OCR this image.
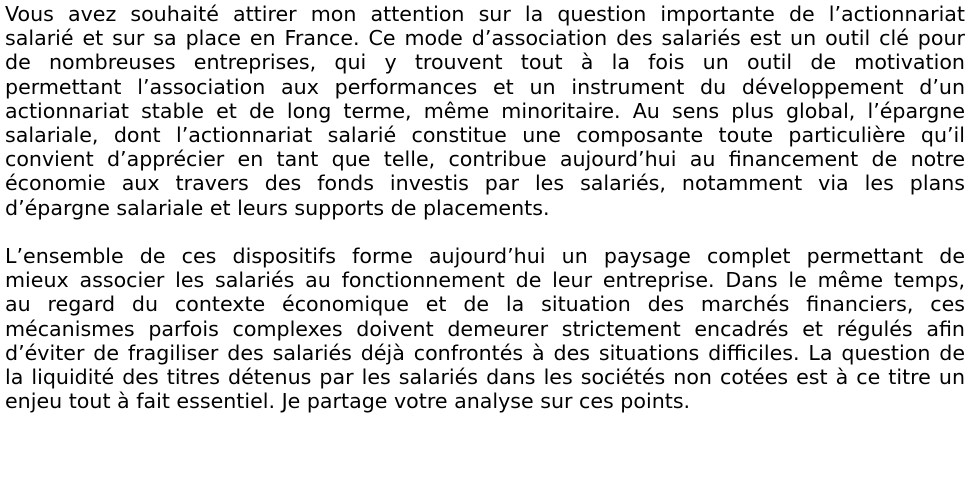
Vous avez souhaité attirer mon attention sur la question importante de l’actionnariat
salarié et sur sa place en France. Ce mode d’association des salariés est un outil clé pour
de nombreuses entreprises, qui y trouvent tout à la fois un outil de motivation
permettant l’association aux performances et un instrument du développement d’un
actionnariat stable et de long terme, même minoritaire. Au sens plus global, l’épargne
salariale, dont l’actionnariat salarié constitue une composante toute particulière qu’il
convient d’apprécier en tant que telle, contribue aujourd’hui au financement de notre
économie aux travers des fonds investis par les salariés, notamment via les plans
d’épargne salariale et leurs supports de placements.

L’ensemble de ces dispositifs forme aujourd’hui un paysage complet permettant de
mieux associer les salariés au fonctionnement de leur entreprise. Dans le même temps,
au regard du contexte économique et de la situation des marchés financiers, ces
mécanismes parfois complexes doivent demeurer strictement encadrés et régulés afin
d’éviter de fragiliser des salariés déjà confrontés à des situations difficiles. La question de
la liquidité des titres détenus par les salariés dans les sociétés non cotées est à ce titre un
enjeu tout à fait essentiel. Je partage votre analyse sur ces points.
